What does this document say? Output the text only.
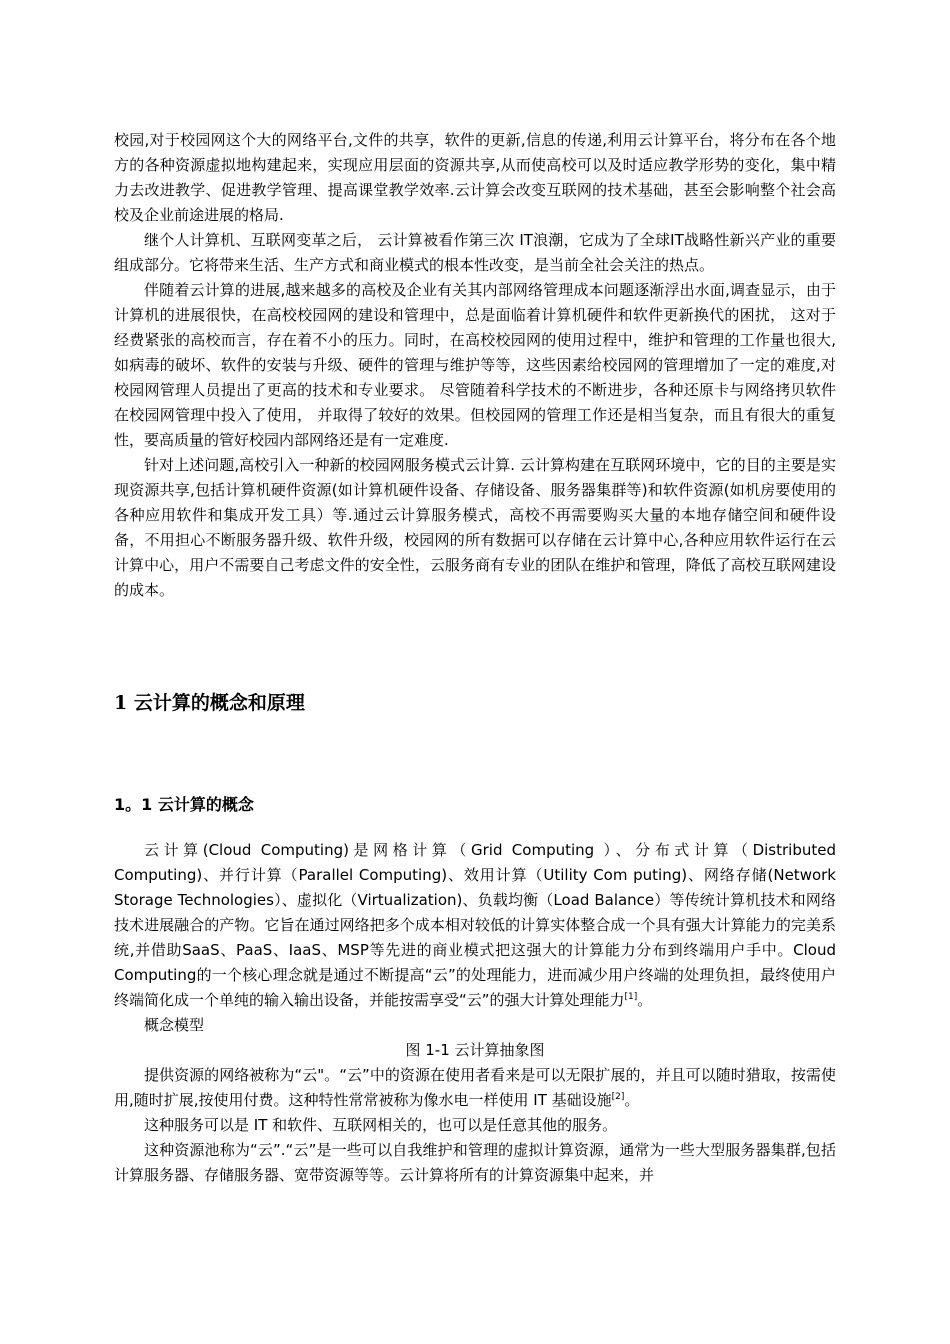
校园,对于校园网这个大的网络平台,文件的共享，软件的更新,信息的传递,利用云计算平台，将分布在各个地方的各种资源虚拟地构建起来，实现应用层面的资源共享,从而使高校可以及时适应教学形势的变化，集中精力去改进教学、促进教学管理、提高课堂教学效率.云计算会改变互联网的技术基础，甚至会影响整个社会高校及企业前途进展的格局.

继个人计算机、互联网变革之后， 云计算被看作第三次 IT浪潮，它成为了全球IT战略性新兴产业的重要组成部分。它将带来生活、生产方式和商业模式的根本性改变，是当前全社会关注的热点。

伴随着云计算的进展,越来越多的高校及企业有关其内部网络管理成本问题逐渐浮出水面,调查显示，由于计算机的进展很快，在高校校园网的建设和管理中，总是面临着计算机硬件和软件更新换代的困扰， 这对于经费紧张的高校而言，存在着不小的压力。同时，在高校校园网的使用过程中，维护和管理的工作量也很大,如病毒的破坏、软件的安装与升级、硬件的管理与维护等等，这些因素给校园网的管理增加了一定的难度,对校园网管理人员提出了更高的技术和专业要求。 尽管随着科学技术的不断进步，各种还原卡与网络拷贝软件在校园网管理中投入了使用， 并取得了较好的效果。但校园网的管理工作还是相当复杂，而且有很大的重复性，要高质量的管好校园内部网络还是有一定难度.

针对上述问题,高校引入一种新的校园网服务模式云计算. 云计算构建在互联网环境中，它的目的主要是实现资源共享,包括计算机硬件资源(如计算机硬件设备、存储设备、服务器集群等)和软件资源(如机房要使用的各种应用软件和集成开发工具）等.通过云计算服务模式，高校不再需要购买大量的本地存储空间和硬件设备，不用担心不断服务器升级、软件升级，校园网的所有数据可以存储在云计算中心,各种应用软件运行在云计算中心，用户不需要自己考虑文件的安全性，云服务商有专业的团队在维护和管理，降低了高校互联网建设的成本。

1 云计算的概念和原理
1。1 云计算的概念

云计算(Cloud Computing)是网格计算（Grid Computing ）、分布式计算（Distributed Computing)、并行计算（Parallel Computing)、效用计算（Utility Com puting)、网络存储(Network Storage Technologies）、虚拟化（Virtualization)、负载均衡（Load Balance）等传统计算机技术和网络技术进展融合的产物。它旨在通过网络把多个成本相对较低的计算实体整合成一个具有强大计算能力的完美系统,并借助SaaS、PaaS、IaaS、MSP等先进的商业模式把这强大的计算能力分布到终端用户手中。Cloud Computing的一个核心理念就是通过不断提高“云”的处理能力，进而减少用户终端的处理负担，最终使用户终端简化成一个单纯的输入输出设备，并能按需享受“云”的强大计算处理能力[1]。

概念模型

图 1-1 云计算抽象图

提供资源的网络被称为“云"。“云”中的资源在使用者看来是可以无限扩展的，并且可以随时猎取，按需使用,随时扩展,按使用付费。这种特性常常被称为像水电一样使用 IT 基础设施[2]。

这种服务可以是 IT 和软件、互联网相关的，也可以是任意其他的服务。

这种资源池称为“云”.“云”是一些可以自我维护和管理的虚拟计算资源，通常为一些大型服务器集群,包括计算服务器、存储服务器、宽带资源等等。云计算将所有的计算资源集中起来，并
